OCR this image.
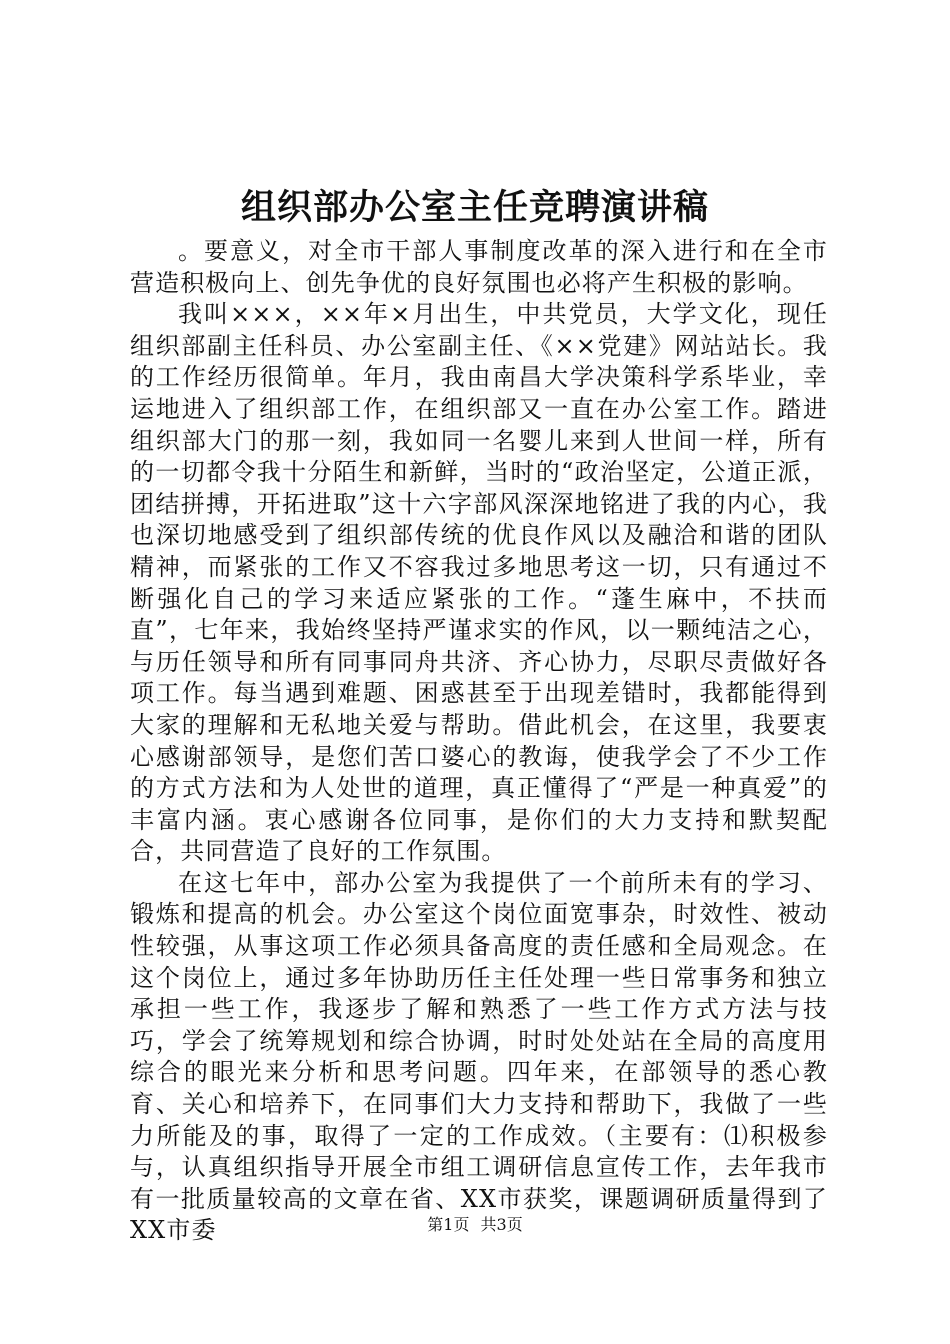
组织部办公室主任竞聘演讲稿

。要意义，对全市干部人事制度改革的深入进行和在全市营造积极向上、创先争优的良好氛围也必将产生积极的影响。

我叫×××，××年×月出生，中共党员，大学文化，现任组织部副主任科员、办公室副主任、《××党建》网站站长。我的工作经历很简单。年月，我由南昌大学决策科学系毕业，幸运地进入了组织部工作，在组织部又一直在办公室工作。踏进组织部大门的那一刻，我如同一名婴儿来到人世间一样，所有的一切都令我十分陌生和新鲜，当时的“政治坚定，公道正派，团结拼搏，开拓进取”这十六字部风深深地铭进了我的内心，我也深切地感受到了组织部传统的优良作风以及融洽和谐的团队精神，而紧张的工作又不容我过多地思考这一切，只有通过不断强化自己的学习来适应紧张的工作。“蓬生麻中，不扶而直”，七年来，我始终坚持严谨求实的作风，以一颗纯洁之心，与历任领导和所有同事同舟共济、齐心协力，尽职尽责做好各项工作。每当遇到难题、困惑甚至于出现差错时，我都能得到大家的理解和无私地关爱与帮助。借此机会，在这里，我要衷心感谢部领导，是您们苦口婆心的教诲，使我学会了不少工作的方式方法和为人处世的道理，真正懂得了“严是一种真爱”的丰富内涵。衷心感谢各位同事，是你们的大力支持和默契配合，共同营造了良好的工作氛围。

在这七年中，部办公室为我提供了一个前所未有的学习、锻炼和提高的机会。办公室这个岗位面宽事杂，时效性、被动性较强，从事这项工作必须具备高度的责任感和全局观念。在这个岗位上，通过多年协助历任主任处理一些日常事务和独立承担一些工作，我逐步了解和熟悉了一些工作方式方法与技巧，学会了统筹规划和综合协调，时时处处站在全局的高度用综合的眼光来分析和思考问题。四年来，在部领导的悉心教育、关心和培养下，在同事们大力支持和帮助下，我做了一些力所能及的事，取得了一定的工作成效。（主要有：⑴积极参与，认真组织指导开展全市组工调研信息宣传工作，去年我市有一批质量较高的文章在省、XX市获奖，课题调研质量得到了XX市委	第1页 共3页
